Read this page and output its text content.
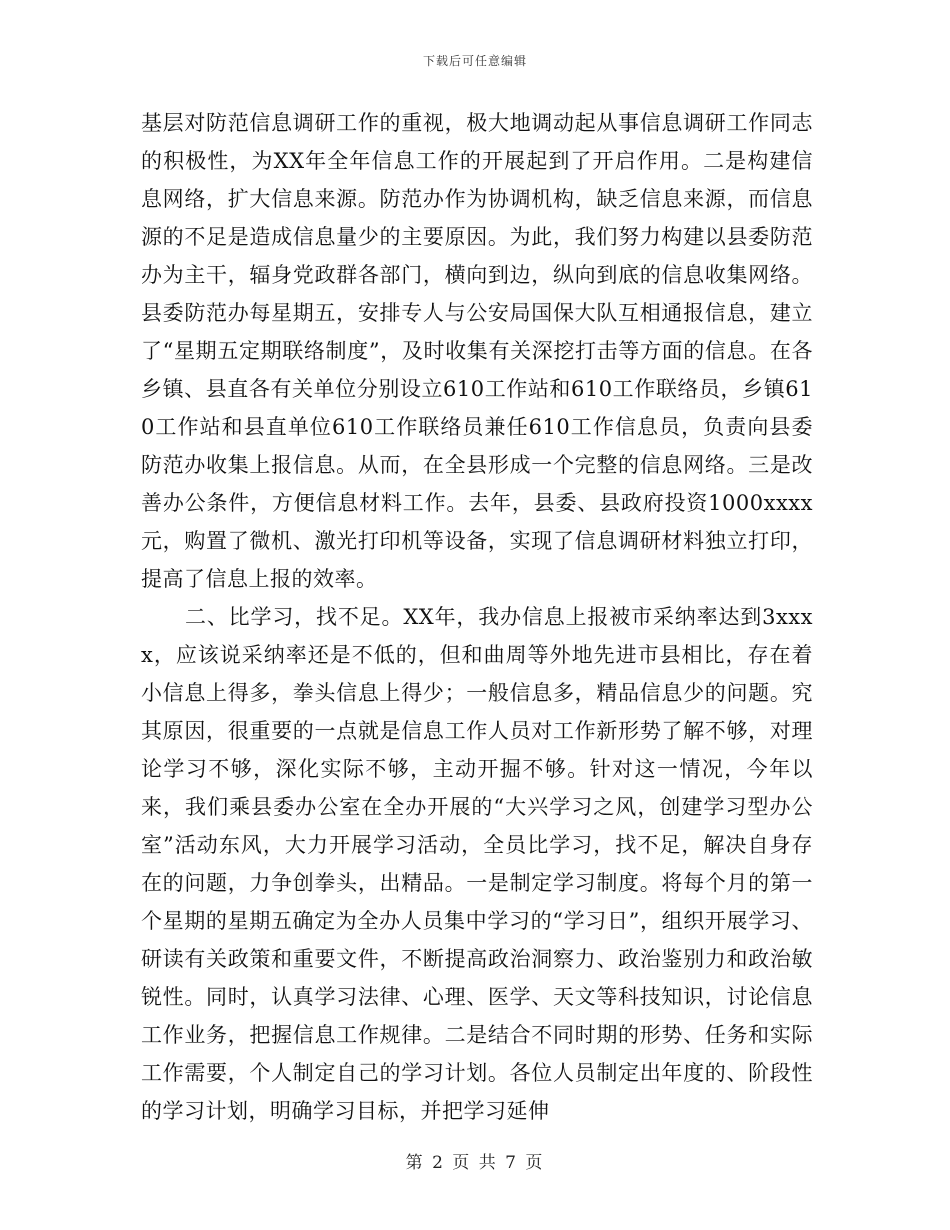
下载后可任意编辑

基层对防范信息调研工作的重视，极大地调动起从事信息调研工作同志的积极性，为XX年全年信息工作的开展起到了开启作用。二是构建信息网络，扩大信息来源。防范办作为协调机构，缺乏信息来源，而信息源的不足是造成信息量少的主要原因。为此，我们努力构建以县委防范办为主干，辐身党政群各部门，横向到边，纵向到底的信息收集网络。县委防范办每星期五，安排专人与公安局国保大队互相通报信息，建立了“星期五定期联络制度”，及时收集有关深挖打击等方面的信息。在各乡镇、县直各有关单位分别设立610工作站和610工作联络员，乡镇610工作站和县直单位610工作联络员兼任610工作信息员，负责向县委防范办收集上报信息。从而，在全县形成一个完整的信息网络。三是改善办公条件，方便信息材料工作。去年，县委、县政府投资1000xxxx元，购置了微机、激光打印机等设备，实现了信息调研材料独立打印，提高了信息上报的效率。

二、比学习，找不足。XX年，我办信息上报被市采纳率达到3xxxx，应该说采纳率还是不低的，但和曲周等外地先进市县相比，存在着小信息上得多，拳头信息上得少；一般信息多，精品信息少的问题。究其原因，很重要的一点就是信息工作人员对工作新形势了解不够，对理论学习不够，深化实际不够，主动开掘不够。针对这一情况，今年以来，我们乘县委办公室在全办开展的“大兴学习之风，创建学习型办公室”活动东风，大力开展学习活动，全员比学习，找不足，解决自身存在的问题，力争创拳头，出精品。一是制定学习制度。将每个月的第一个星期的星期五确定为全办人员集中学习的“学习日”，组织开展学习、研读有关政策和重要文件，不断提高政治洞察力、政治鉴别力和政治敏锐性。同时，认真学习法律、心理、医学、天文等科技知识，讨论信息工作业务，把握信息工作规律。二是结合不同时期的形势、任务和实际工作需要，个人制定自己的学习计划。各位人员制定出年度的、阶段性的学习计划，明确学习目标，并把学习延伸

第 2 页 共 7 页
